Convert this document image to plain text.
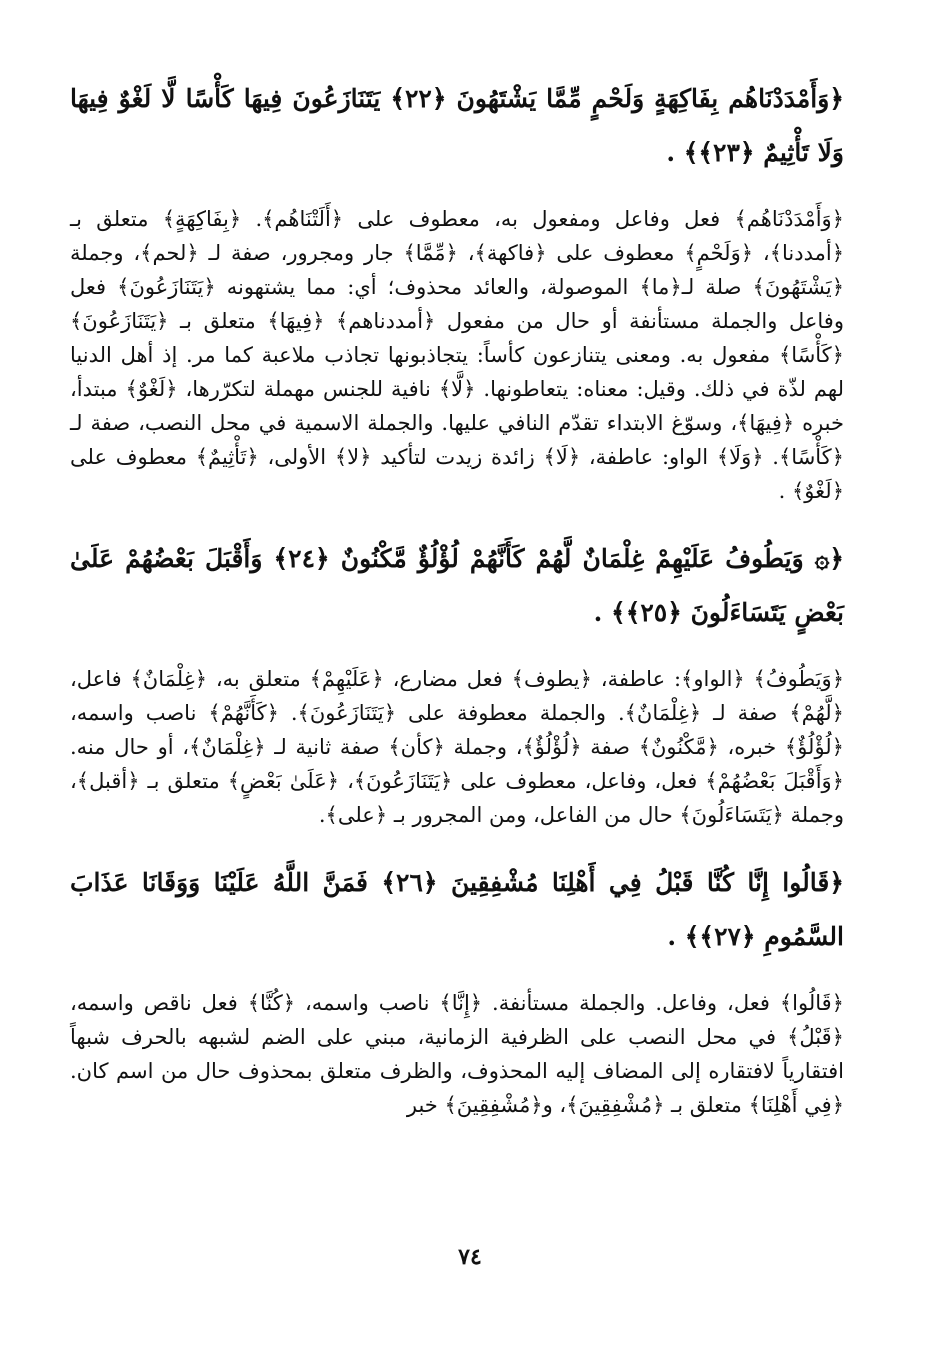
﴿وَأَمْدَدْنَاهُم بِفَاكِهَةٍ وَلَحْمٍ مِّمَّا يَشْتَهُونَ ﴿٢٢﴾ يَتَنَازَعُونَ فِيهَا كَأْسًا لَّا لَغْوٌ فِيهَا وَلَا تَأْثِيمٌ ﴿٢٣﴾﴾ .

﴿وَأَمْدَدْنَاهُم﴾ فعل وفاعل ومفعول به، معطوف على ﴿أَلَتْنَاهُم﴾. ﴿بِفَاكِهَةٍ﴾ متعلق بـ ﴿أمددنا﴾، ﴿وَلَحْمٍ﴾ معطوف على ﴿فاكهة﴾، ﴿مِّمَّا﴾ جار ومجرور، صفة لـ ﴿لحم﴾، وجملة ﴿يَشْتَهُونَ﴾ صلة لـ﴿ما﴾ الموصولة، والعائد محذوف؛ أي: مما يشتهونه ﴿يَتَنَازَعُونَ﴾ فعل وفاعل والجملة مستأنفة أو حال من مفعول ﴿أمددناهم﴾ ﴿فِيهَا﴾ متعلق بـ ﴿يَتَنَازَعُونَ﴾ ﴿كَأْسًا﴾ مفعول به. ومعنى يتنازعون كأساً: يتجاذبونها تجاذب ملاعبة كما مر. إذ أهل الدنيا لهم لذّة في ذلك. وقيل: معناه: يتعاطونها. ﴿لَّا﴾ نافية للجنس مهملة لتكرّرها، ﴿لَغْوٌ﴾ مبتدأ، خبره ﴿فِيهَا﴾، وسوّغ الابتداء تقدّم النافي عليها. والجملة الاسمية في محل النصب، صفة لـ ﴿كَأْسًا﴾. ﴿وَلَا﴾ الواو: عاطفة، ﴿لَا﴾ زائدة زيدت لتأكيد ﴿لا﴾ الأولى، ﴿تَأْثِيمٌ﴾ معطوف على ﴿لَغْوٌ﴾ .

﴿۞ وَيَطُوفُ عَلَيْهِمْ غِلْمَانٌ لَّهُمْ كَأَنَّهُمْ لُؤْلُؤٌ مَّكْنُونٌ ﴿٢٤﴾ وَأَقْبَلَ بَعْضُهُمْ عَلَىٰ بَعْضٍ يَتَسَاءَلُونَ ﴿٢٥﴾﴾ .

﴿وَيَطُوفُ﴾ ﴿الواو﴾: عاطفة، ﴿يطوف﴾ فعل مضارع، ﴿عَلَيْهِمْ﴾ متعلق به، ﴿غِلْمَانٌ﴾ فاعل، ﴿لَّهُمْ﴾ صفة لـ ﴿غِلْمَانٌ﴾. والجملة معطوفة على ﴿يَتَنَازَعُونَ﴾. ﴿كَأَنَّهُمْ﴾ ناصب واسمه، ﴿لُؤْلُؤٌ﴾ خبره، ﴿مَّكْنُونٌ﴾ صفة ﴿لُؤْلُؤٌ﴾، وجملة ﴿كأن﴾ صفة ثانية لـ ﴿غِلْمَانٌ﴾، أو حال منه. ﴿وَأَقْبَلَ بَعْضُهُمْ﴾ فعل، وفاعل، معطوف على ﴿يَتَنَازَعُونَ﴾، ﴿عَلَىٰ بَعْضٍ﴾ متعلق بـ ﴿أقبل﴾، وجملة ﴿يَتَسَاءَلُونَ﴾ حال من الفاعل، ومن المجرور بـ ﴿علی﴾.

﴿قَالُوا إِنَّا كُنَّا قَبْلُ فِي أَهْلِنَا مُشْفِقِينَ ﴿٢٦﴾ فَمَنَّ اللَّهُ عَلَيْنَا وَوَقَانَا عَذَابَ السَّمُومِ ﴿٢٧﴾﴾ .

﴿قَالُوا﴾ فعل، وفاعل. والجملة مستأنفة. ﴿إِنَّا﴾ ناصب واسمه، ﴿كُنَّا﴾ فعل ناقص واسمه، ﴿قَبْلُ﴾ في محل النصب على الظرفية الزمانية، مبني على الضم لشبهه بالحرف شبهاً افتقارياً لافتقاره إلى المضاف إليه المحذوف، والظرف متعلق بمحذوف حال من اسم كان. ﴿فِي أَهْلِنَا﴾ متعلق بـ ﴿مُشْفِقِينَ﴾، و﴿مُشْفِقِينَ﴾ خبر

٧٤
